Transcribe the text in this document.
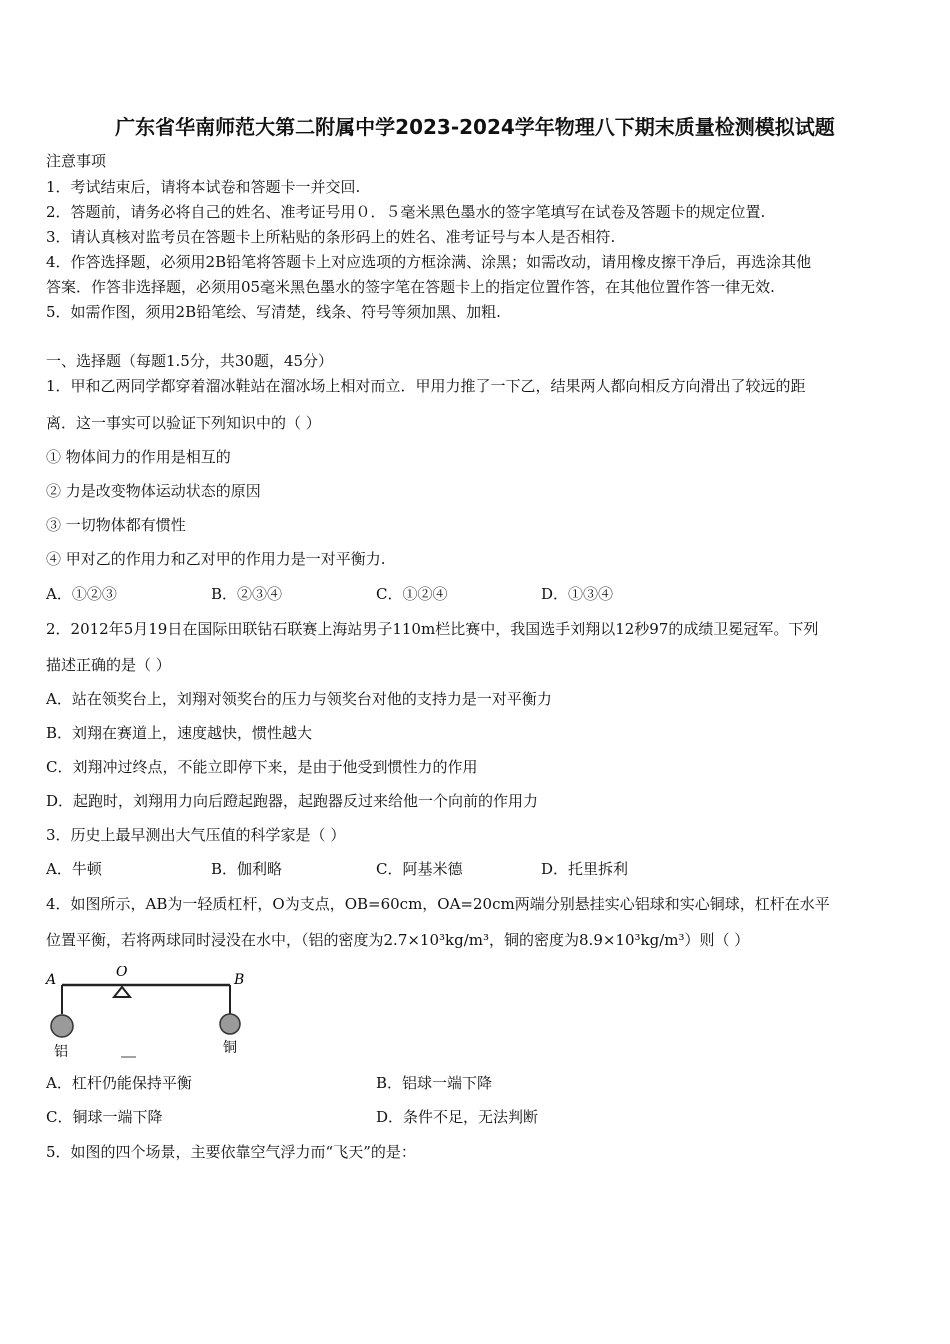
广东省华南师范大第二附属中学2023-2024学年物理八下期末质量检测模拟试题
注意事项
1．考试结束后，请将本试卷和答题卡一并交回.
2．答题前，请务必将自己的姓名、准考证号用０．５毫米黑色墨水的签字笔填写在试卷及答题卡的规定位置.
3．请认真核对监考员在答题卡上所粘贴的条形码上的姓名、准考证号与本人是否相符.
4．作答选择题，必须用2B铅笔将答题卡上对应选项的方框涂满、涂黑；如需改动，请用橡皮擦干净后，再选涂其他
答案．作答非选择题，必须用05毫米黑色墨水的签字笔在答题卡上的指定位置作答，在其他位置作答一律无效.
5．如需作图，须用2B铅笔绘、写清楚，线条、符号等须加黑、加粗.
一、选择题（每题1.5分，共30题，45分）
1．甲和乙两同学都穿着溜冰鞋站在溜冰场上相对而立．甲用力推了一下乙，结果两人都向相反方向滑出了较远的距
离．这一事实可以验证下列知识中的（ ）
① 物体间力的作用是相互的
② 力是改变物体运动状态的原因
③ 一切物体都有惯性
④ 甲对乙的作用力和乙对甲的作用力是一对平衡力.
A．①②③	B．②③④	C．①②④	D．①③④
2．2012年5月19日在国际田联钻石联赛上海站男子110m栏比赛中，我国选手刘翔以12秒97的成绩卫冕冠军。下列
描述正确的是（ ）
A．站在领奖台上，刘翔对领奖台的压力与领奖台对他的支持力是一对平衡力
B．刘翔在赛道上，速度越快，惯性越大
C．刘翔冲过终点，不能立即停下来，是由于他受到惯性力的作用
D．起跑时，刘翔用力向后蹬起跑器，起跑器反过来给他一个向前的作用力
3．历史上最早测出大气压值的科学家是（ ）
A．牛顿	B．伽利略	C．阿基米德	D．托里拆利
4．如图所示，AB为一轻质杠杆，O为支点，OB=60cm，OA=20cm两端分别悬挂实心铝球和实心铜球，杠杆在水平
位置平衡，若将两球同时浸没在水中，（铝的密度为2.7×10³kg/m³，铜的密度为8.9×10³kg/m³）则（ ）
A	O	B
铝	铜
A．杠杆仍能保持平衡	B．铝球一端下降
C．铜球一端下降	D．条件不足，无法判断
5．如图的四个场景，主要依靠空气浮力而“飞天”的是：
